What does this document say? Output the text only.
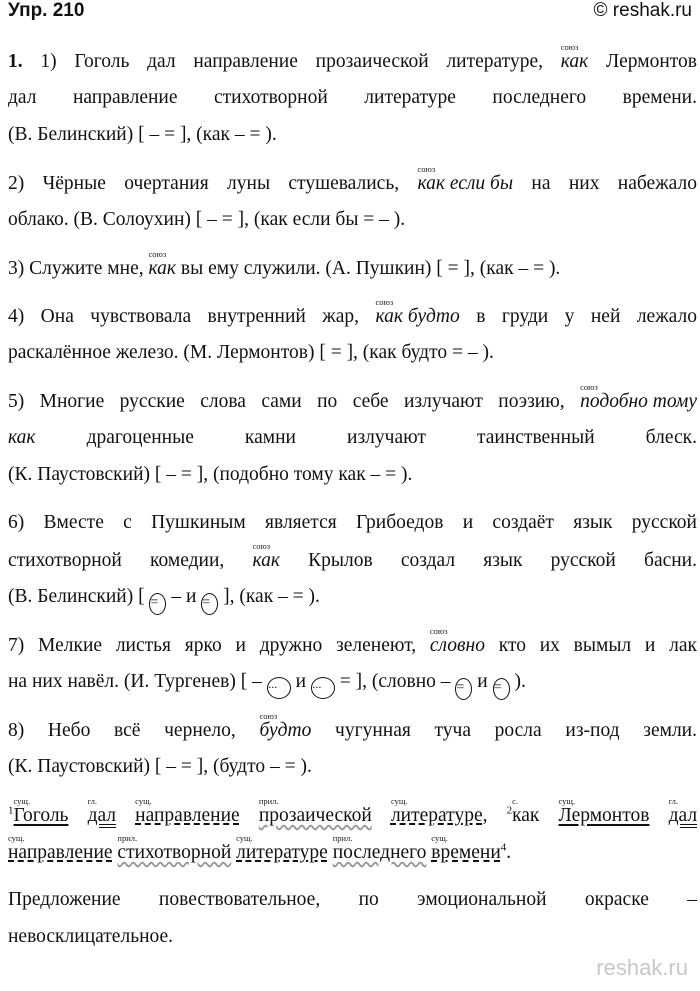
Упр. 210	© reshak.ru
1. 1) Гоголь дал направление прозаической литературе,
союз
как Лермонтов
дал направление стихотворной литературе последнего времени.
(В. Белинский) [ – = ], (как – = ).
2) Чёрные очертания луны стушевались,
союз
как если бы на них набежало
облако. (В. Солоухин) [ – = ], (как если бы = – ).
3) Служите мне,
союз
как вы ему служили. (А. Пушкин) [ = ], (как – = ).
4) Она чувствовала внутренний жар,
союз
как будто в груди у ней лежало
раскалённое железо. (М. Лермонтов) [ = ], (как будто = – ).
5) Многие русские слова сами по себе излучают поэзию,
союз
подобно тому
как драгоценные камни излучают таинственный блеск.
(К. Паустовский) [ – = ], (подобно тому как – = ).
6) Вместе с Пушкиным является Грибоедов и создаёт язык русской
стихотворной комедии,
союз
как Крылов создал язык русской басни.
(В. Белинский) [ = – и = ], (как – = ).
7) Мелкие листья ярко и дружно зеленеют,
союз
словно кто их вымыл и лак
на них навёл. (И. Тургенев) [ – ··· и ··· = ], (словно – = и = ).
8) Небо всё чернело,
союз
будто чугунная туча росла из-под земли.
(К. Паустовский) [ – = ], (будто – = ).
$^1$
сущ.
Гоголь

гл.
дал

сущ.
направление

прил.
прозаической

сущ.
литературе , $^2$
с.
как

сущ.
Лермонтов

гл.
дал
сущ.
направление

прил.
стихотворной

сущ.
литературе

прил.
последнего

сущ.
времени $^4$.
Предложение повествовательное, по эмоциональной окраске –
невосклицательное.
reshak.ru
